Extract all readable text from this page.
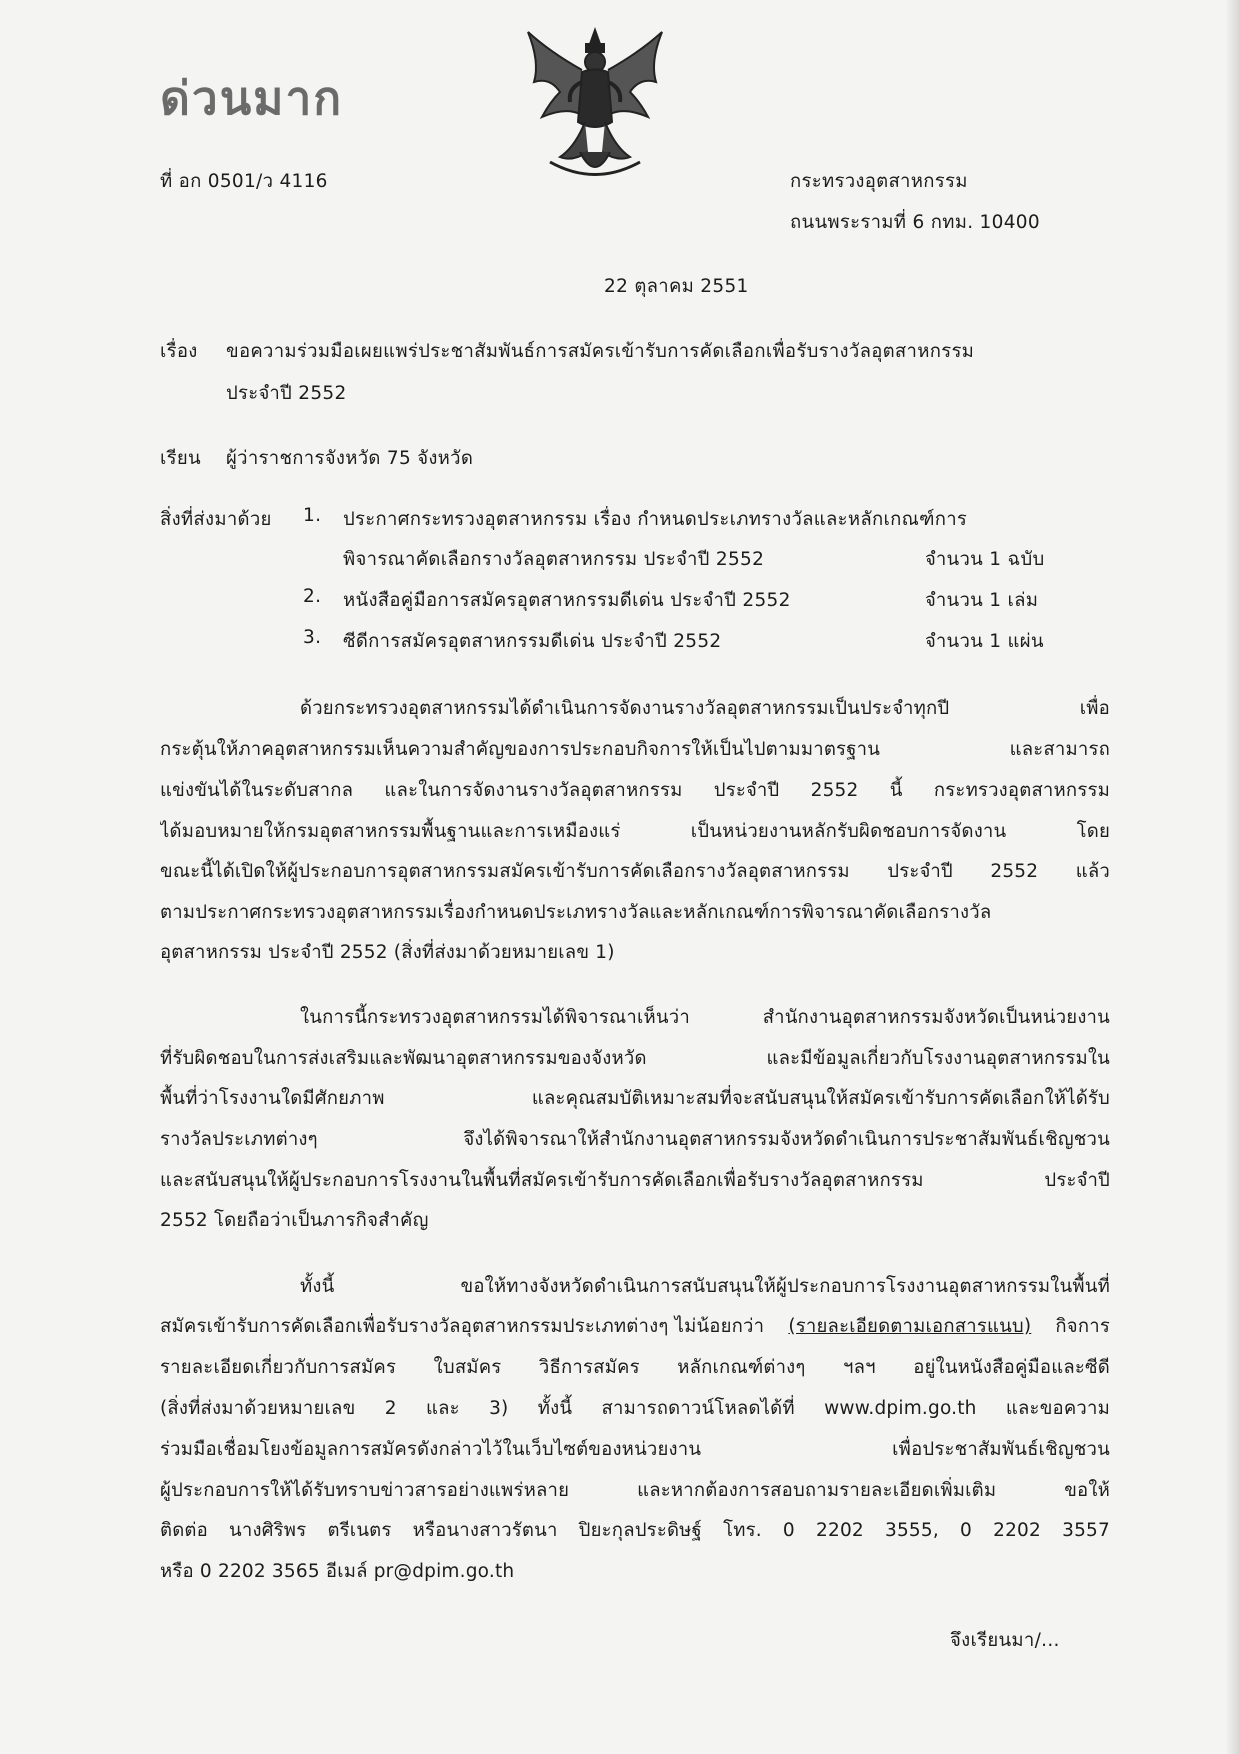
ด่วนมาก
ที่ อก 0501/ว 4116	กระทรวงอุตสาหกรรม
ถนนพระรามที่ 6 กทม. 10400
22 ตุลาคม 2551
เรื่อง ขอความร่วมมือเผยแพร่ประชาสัมพันธ์การสมัครเข้ารับการคัดเลือกเพื่อรับรางวัลอุตสาหกรรม
ประจำปี 2552
เรียน ผู้ว่าราชการจังหวัด 75 จังหวัด
สิ่งที่ส่งมาด้วย 1. ประกาศกระทรวงอุตสาหกรรม เรื่อง กำหนดประเภทรางวัลและหลักเกณฑ์การ
พิจารณาคัดเลือกรางวัลอุตสาหกรรม ประจำปี 2552	จำนวน 1 ฉบับ
2. หนังสือคู่มือการสมัครอุตสาหกรรมดีเด่น ประจำปี 2552	จำนวน 1 เล่ม
3. ซีดีการสมัครอุตสาหกรรมดีเด่น ประจำปี 2552	จำนวน 1 แผ่น
ด้วยกระทรวงอุตสาหกรรมได้ดำเนินการจัดงานรางวัลอุตสาหกรรมเป็นประจำทุกปี เพื่อ
กระตุ้นให้ภาคอุตสาหกรรมเห็นความสำคัญของการประกอบกิจการให้เป็นไปตามมาตรฐาน และสามารถ
แข่งขันได้ในระดับสากล และในการจัดงานรางวัลอุตสาหกรรม ประจำปี 2552 นี้ กระทรวงอุตสาหกรรม
ได้มอบหมายให้กรมอุตสาหกรรมพื้นฐานและการเหมืองแร่ เป็นหน่วยงานหลักรับผิดชอบการจัดงาน โดย
ขณะนี้ได้เปิดให้ผู้ประกอบการอุตสาหกรรมสมัครเข้ารับการคัดเลือกรางวัลอุตสาหกรรม ประจำปี 2552 แล้ว
ตามประกาศกระทรวงอุตสาหกรรมเรื่องกำหนดประเภทรางวัลและหลักเกณฑ์การพิจารณาคัดเลือกรางวัล
อุตสาหกรรม ประจำปี 2552 (สิ่งที่ส่งมาด้วยหมายเลข 1)
ในการนี้กระทรวงอุตสาหกรรมได้พิจารณาเห็นว่า สำนักงานอุตสาหกรรมจังหวัดเป็นหน่วยงาน
ที่รับผิดชอบในการส่งเสริมและพัฒนาอุตสาหกรรมของจังหวัด และมีข้อมูลเกี่ยวกับโรงงานอุตสาหกรรมใน
พื้นที่ว่าโรงงานใดมีศักยภาพ และคุณสมบัติเหมาะสมที่จะสนับสนุนให้สมัครเข้ารับการคัดเลือกให้ได้รับ
รางวัลประเภทต่างๆ จึงได้พิจารณาให้สำนักงานอุตสาหกรรมจังหวัดดำเนินการประชาสัมพันธ์เชิญชวน
และสนับสนุนให้ผู้ประกอบการโรงงานในพื้นที่สมัครเข้ารับการคัดเลือกเพื่อรับรางวัลอุตสาหกรรม ประจำปี
2552 โดยถือว่าเป็นภารกิจสำคัญ
ทั้งนี้ ขอให้ทางจังหวัดดำเนินการสนับสนุนให้ผู้ประกอบการโรงงานอุตสาหกรรมในพื้นที่
สมัครเข้ารับการคัดเลือกเพื่อรับรางวัลอุตสาหกรรมประเภทต่างๆ ไม่น้อยกว่า (รายละเอียดตามเอกสารแนบ) กิจการ
รายละเอียดเกี่ยวกับการสมัคร ใบสมัคร วิธีการสมัคร หลักเกณฑ์ต่างๆ ฯลฯ อยู่ในหนังสือคู่มือและซีดี
(สิ่งที่ส่งมาด้วยหมายเลข 2 และ 3) ทั้งนี้ สามารถดาวน์โหลดได้ที่ www.dpim.go.th และขอความ
ร่วมมือเชื่อมโยงข้อมูลการสมัครดังกล่าวไว้ในเว็บไซต์ของหน่วยงาน เพื่อประชาสัมพันธ์เชิญชวน
ผู้ประกอบการให้ได้รับทราบข่าวสารอย่างแพร่หลาย และหากต้องการสอบถามรายละเอียดเพิ่มเติม ขอให้
ติดต่อ นางศิริพร ตรีเนตร หรือนางสาวรัตนา ปิยะกุลประดิษฐ์ โทร. 0 2202 3555, 0 2202 3557
หรือ 0 2202 3565 อีเมล์ pr@dpim.go.th
จึงเรียนมา/...
